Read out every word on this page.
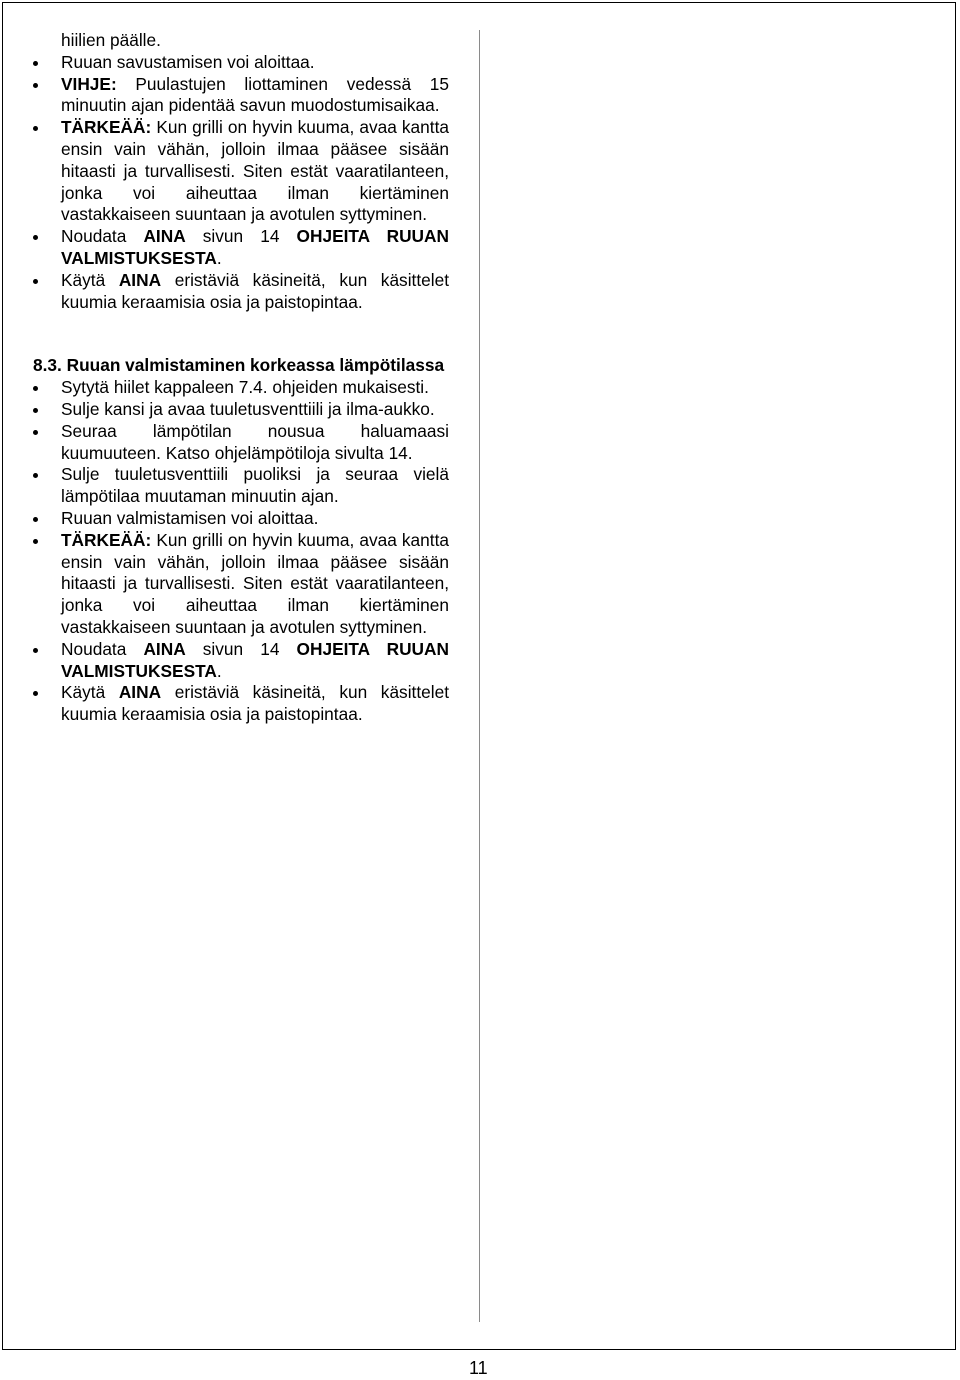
hiilien päälle.
Ruuan savustamisen voi aloittaa.
VIHJE: Puulastujen liottaminen vedessä 15 minuutin ajan pidentää savun muodostumisaikaa.
TÄRKEÄÄ: Kun grilli on hyvin kuuma, avaa kantta ensin vain vähän, jolloin ilmaa pääsee sisään hitaasti ja turvallisesti. Siten estät vaaratilanteen, jonka voi aiheuttaa ilman kiertäminen vastakkaiseen suuntaan ja avotulen syttyminen.
Noudata AINA sivun 14 OHJEITA RUUAN VALMISTUKSESTA.
Käytä AINA eristäviä käsineitä, kun käsittelet kuumia keraamisia osia ja paistopintaa.
8.3. Ruuan valmistaminen korkeassa lämpötilassa
Sytytä hiilet kappaleen 7.4. ohjeiden mukaisesti.
Sulje kansi ja avaa tuuletusventtiili ja ilma-aukko.
Seuraa lämpötilan nousua haluamaasi kuumuuteen. Katso ohjelämpötiloja sivulta 14.
Sulje tuuletusventtiili puoliksi ja seuraa vielä lämpötilaa muutaman minuutin ajan.
Ruuan valmistamisen voi aloittaa.
TÄRKEÄÄ: Kun grilli on hyvin kuuma, avaa kantta ensin vain vähän, jolloin ilmaa pääsee sisään hitaasti ja turvallisesti. Siten estät vaaratilanteen, jonka voi aiheuttaa ilman kiertäminen vastakkaiseen suuntaan ja avotulen syttyminen.
Noudata AINA sivun 14 OHJEITA RUUAN VALMISTUKSESTA.
Käytä AINA eristäviä käsineitä, kun käsittelet kuumia keraamisia osia ja paistopintaa.
11
